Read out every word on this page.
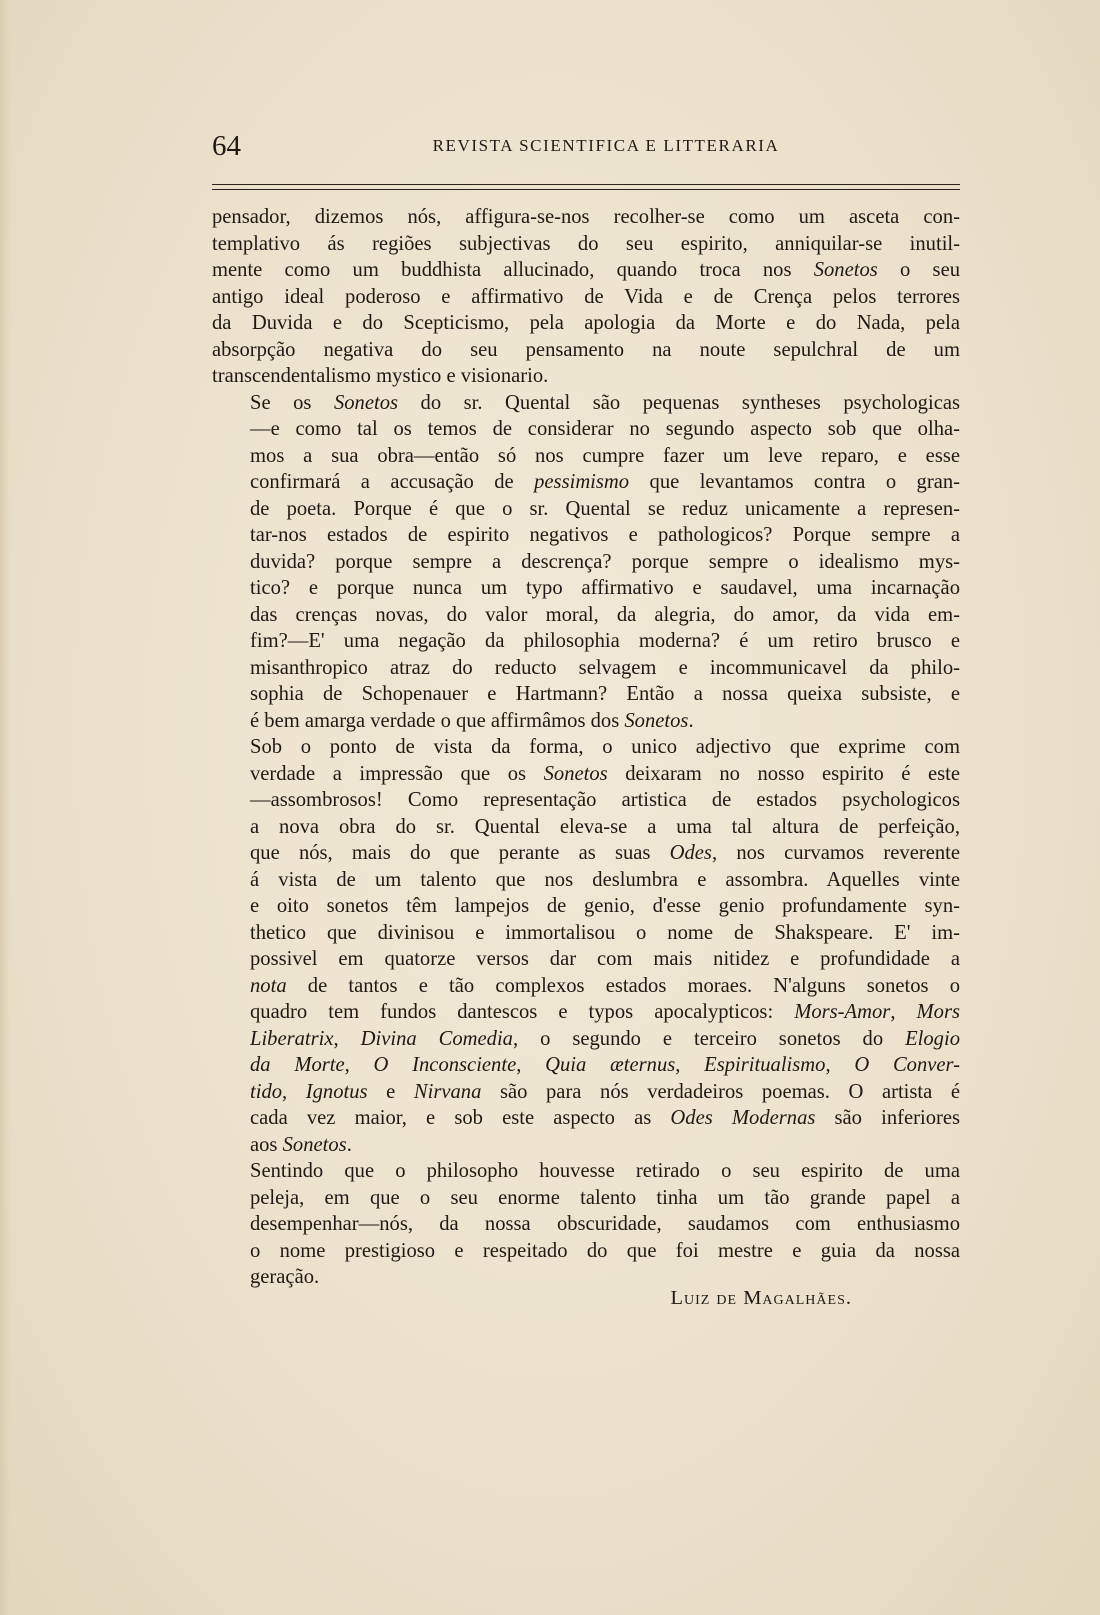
64	REVISTA SCIENTIFICA E LITTERARIA

pensador, dizemos nós, affigura-se-nos recolher-se como um asceta con-
templativo ás regiões subjectivas do seu espirito, anniquilar-se inutil-
mente como um buddhista allucinado, quando troca nos Sonetos o seu
antigo ideal poderoso e affirmativo de Vida e de Crença pelos terrores
da Duvida e do Scepticismo, pela apologia da Morte e do Nada, pela
absorpção negativa do seu pensamento na noute sepulchral de um
transcendentalismo mystico e visionario.

Se os Sonetos do sr. Quental são pequenas syntheses psychologicas
—e como tal os temos de considerar no segundo aspecto sob que olha-
mos a sua obra—então só nos cumpre fazer um leve reparo, e esse
confirmará a accusação de pessimismo que levantamos contra o gran-
de poeta. Porque é que o sr. Quental se reduz unicamente a represen-
tar-nos estados de espirito negativos e pathologicos? Porque sempre a
duvida? porque sempre a descrença? porque sempre o idealismo mys-
tico? e porque nunca um typo affirmativo e saudavel, uma incarnação
das crenças novas, do valor moral, da alegria, do amor, da vida em-
fim?—E' uma negação da philosophia moderna? é um retiro brusco e
misanthropico atraz do reducto selvagem e incommunicavel da philo-
sophia de Schopenauer e Hartmann? Então a nossa queixa subsiste, e
é bem amarga verdade o que affirmâmos dos Sonetos.

Sob o ponto de vista da forma, o unico adjectivo que exprime com
verdade a impressão que os Sonetos deixaram no nosso espirito é este
—assombrosos! Como representação artistica de estados psychologicos
a nova obra do sr. Quental eleva-se a uma tal altura de perfeição,
que nós, mais do que perante as suas Odes, nos curvamos reverente
á vista de um talento que nos deslumbra e assombra. Aquelles vinte
e oito sonetos têm lampejos de genio, d'esse genio profundamente syn-
thetico que divinisou e immortalisou o nome de Shakspeare. E' im-
possivel em quatorze versos dar com mais nitidez e profundidade a
nota de tantos e tão complexos estados moraes. N'alguns sonetos o
quadro tem fundos dantescos e typos apocalypticos: Mors-Amor, Mors
Liberatrix, Divina Comedia, o segundo e terceiro sonetos do Elogio
da Morte, O Inconsciente, Quia æternus, Espiritualismo, O Conver-
tido, Ignotus e Nirvana são para nós verdadeiros poemas. O artista é
cada vez maior, e sob este aspecto as Odes Modernas são inferiores
aos Sonetos.

Sentindo que o philosopho houvesse retirado o seu espirito de uma
peleja, em que o seu enorme talento tinha um tão grande papel a
desempenhar—nós, da nossa obscuridade, saudamos com enthusiasmo
o nome prestigioso e respeitado do que foi mestre e guia da nossa
geração.

Luiz de Magalhães.
